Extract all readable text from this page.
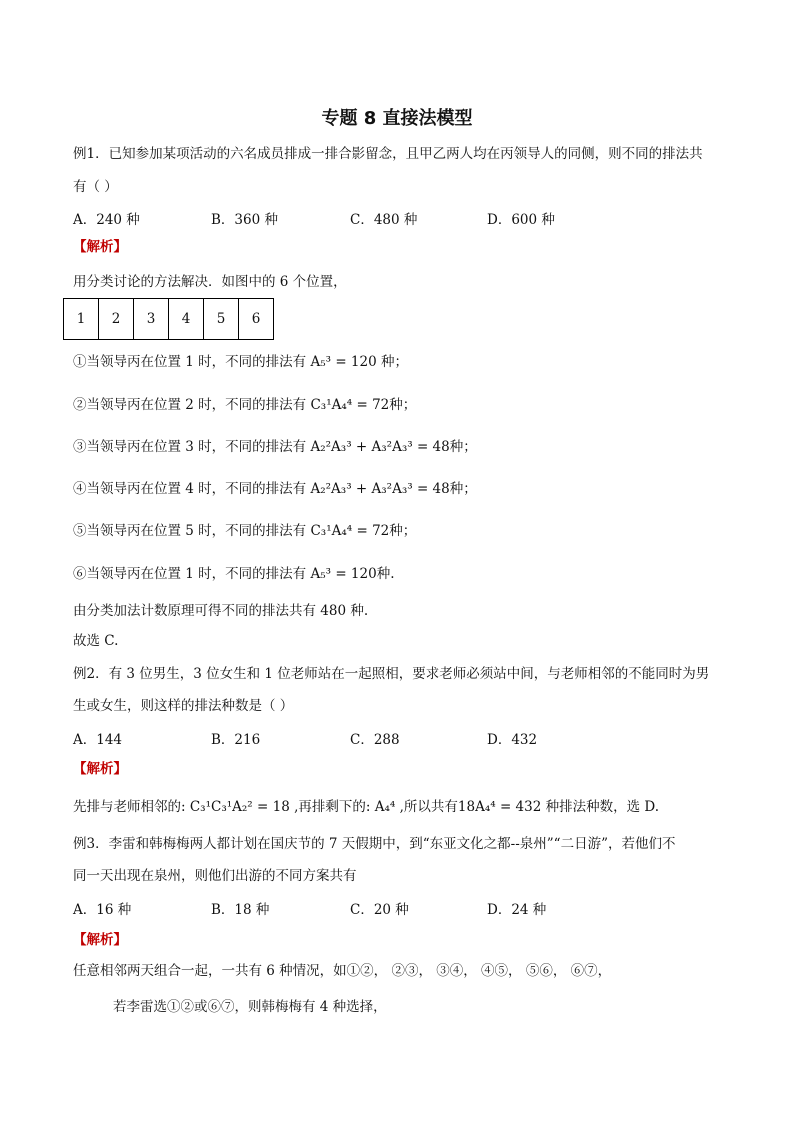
专题 8 直接法模型
例1．已知参加某项活动的六名成员排成一排合影留念，且甲乙两人均在丙领导人的同侧，则不同的排法共
有（ ）
A．240 种	B．360 种	C．480 种	D．600 种
【解析】
用分类讨论的方法解决．如图中的 6 个位置，
1	2	3	4	5	6
①当领导丙在位置 1 时，不同的排法有 A₅³ = 120 种；
②当领导丙在位置 2 时，不同的排法有 C₃¹A₄⁴ = 72种；
③当领导丙在位置 3 时，不同的排法有 A₂²A₃³ + A₃²A₃³ = 48种；
④当领导丙在位置 4 时，不同的排法有 A₂²A₃³ + A₃²A₃³ = 48种；
⑤当领导丙在位置 5 时，不同的排法有 C₃¹A₄⁴ = 72种；
⑥当领导丙在位置 1 时，不同的排法有 A₅³ = 120种.
由分类加法计数原理可得不同的排法共有 480 种.
故选 C.
例2．有 3 位男生，3 位女生和 1 位老师站在一起照相，要求老师必须站中间，与老师相邻的不能同时为男
生或女生，则这样的排法种数是（ ）
A．144	B．216	C．288	D．432
【解析】
先排与老师相邻的: C₃¹C₃¹A₂² = 18 ,再排剩下的: A₄⁴ ,所以共有18A₄⁴ = 432 种排法种数，选 D.
例3．李雷和韩梅梅两人都计划在国庆节的 7 天假期中，到“东亚文化之都--泉州”“二日游”，若他们不
同一天出现在泉州，则他们出游的不同方案共有
A．16 种	B．18 种	C．20 种	D．24 种
【解析】
任意相邻两天组合一起，一共有 6 种情况，如①②， ②③， ③④， ④⑤， ⑤⑥， ⑥⑦，
若李雷选①②或⑥⑦，则韩梅梅有 4 种选择，
